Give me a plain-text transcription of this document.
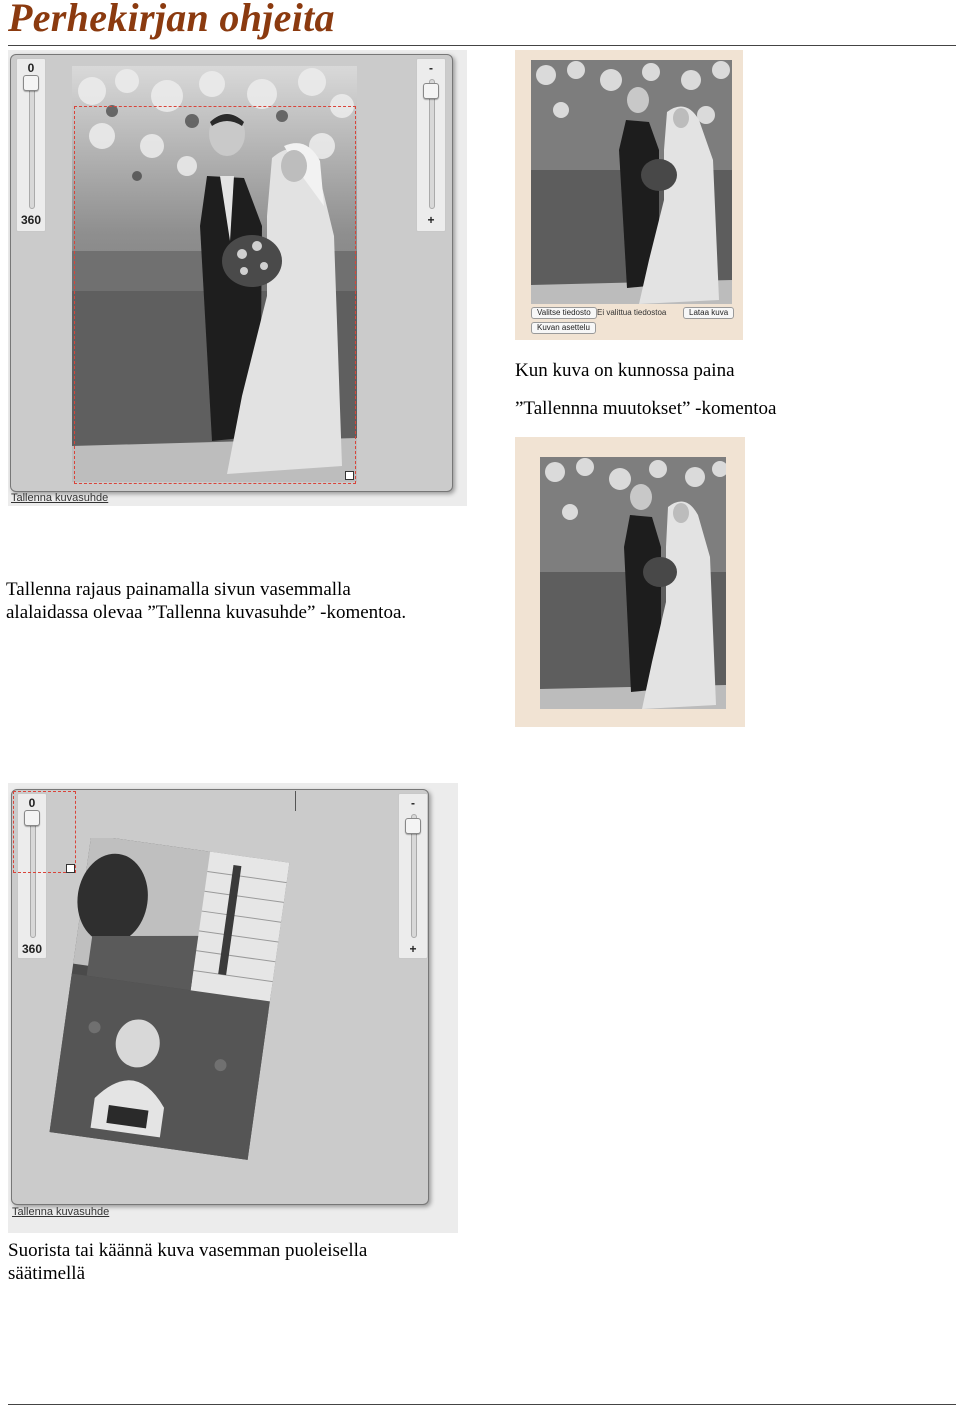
Perhekirjan ohjeita
0
360
-
+
Tallenna kuvasuhde
Valitse tiedosto Ei valittua tiedostoa	Lataa kuva
Kuvan asettelu
Kun kuva on kunnossa paina
”Tallennna muutokset” -komentoa
Tallenna rajaus painamalla sivun vasemmalla
alalaidassa olevaa ”Tallenna kuvasuhde” -komentoa.
0
360
-
+
Tallenna kuvasuhde
Suorista tai käännä kuva vasemman puoleisella
säätimellä
